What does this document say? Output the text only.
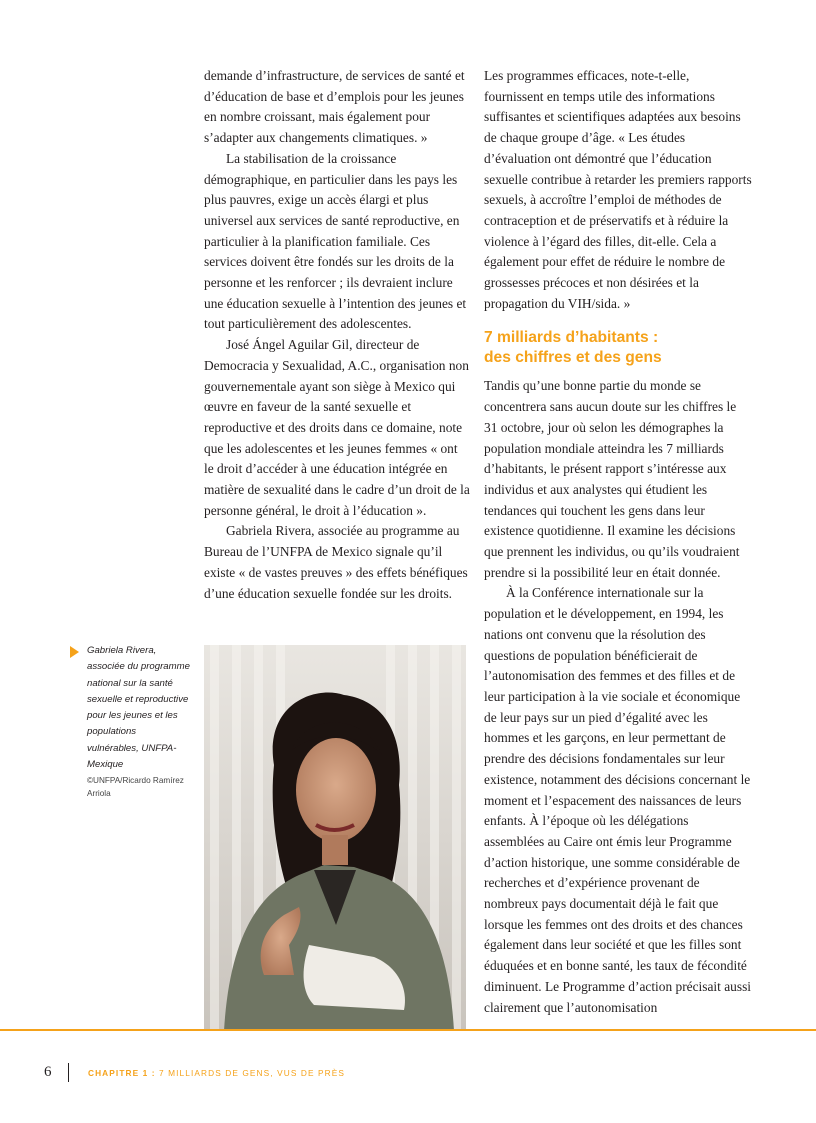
demande d’infrastructure, de services de santé et d’éducation de base et d’emplois pour les jeunes en nombre croissant, mais également pour s’adapter aux changements climatiques. »

La stabilisation de la croissance démographique, en particulier dans les pays les plus pauvres, exige un accès élargi et plus universel aux services de santé reproductive, en particulier à la planification familiale. Ces services doivent être fondés sur les droits de la personne et les renforcer ; ils devraient inclure une éducation sexuelle à l’intention des jeunes et tout particulièrement des adolescentes.

José Ángel Aguilar Gil, directeur de Democracia y Sexualidad, A.C., organisation non gouvernementale ayant son siège à Mexico qui œuvre en faveur de la santé sexuelle et reproductive et des droits dans ce domaine, note que les adolescentes et les jeunes femmes « ont le droit d’accéder à une éducation intégrée en matière de sexualité dans le cadre d’un droit de la personne général, le droit à l’éducation ».

Gabriela Rivera, associée au programme au Bureau de l’UNFPA de Mexico signale qu’il existe « de vastes preuves » des effets bénéfiques d’une éducation sexuelle fondée sur les droits.

Les programmes efficaces, note-t-elle, fournissent en temps utile des informations suffisantes et scientifiques adaptées aux besoins de chaque groupe d’âge. « Les études d’évaluation ont démontré que l’éducation sexuelle contribue à retarder les premiers rapports sexuels, à accroître l’emploi de méthodes de contraception et de préservatifs et à réduire la violence à l’égard des filles, dit-elle. Cela a également pour effet de réduire le nombre de grossesses précoces et non désirées et la propagation du VIH/sida. »

7 milliards d’habitants :
des chiffres et des gens

Tandis qu’une bonne partie du monde se concentrera sans aucun doute sur les chiffres le 31 octobre, jour où selon les démographes la population mondiale atteindra les 7 milliards d’habitants, le présent rapport s’intéresse aux individus et aux analystes qui étudient les tendances qui touchent les gens dans leur existence quotidienne. Il examine les décisions que prennent les individus, ou qu’ils voudraient prendre si la possibilité leur en était donnée.

À la Conférence internationale sur la population et le développement, en 1994, les nations ont convenu que la résolution des questions de population bénéficierait de l’autonomisation des femmes et des filles et de leur participation à la vie sociale et économique de leur pays sur un pied d’égalité avec les hommes et les garçons, en leur permettant de prendre des décisions fondamentales sur leur existence, notamment des décisions concernant le moment et l’espacement des naissances de leurs enfants. À l’époque où les délégations assemblées au Caire ont émis leur Programme d’action historique, une somme considérable de recherches et d’expérience provenant de nombreux pays documentait déjà le fait que lorsque les femmes ont des droits et des chances également dans leur société et que les filles sont éduquées et en bonne santé, les taux de fécondité diminuent. Le Programme d’action précisait aussi clairement que l’autonomisation

Gabriela Rivera, associée du programme national sur la santé sexuelle et reproductive pour les jeunes et les populations vulnérables, UNFPA-Mexique
©UNFPA/Ricardo Ramírez Arriola
6	CHAPITRE 1 : 7 MILLIARDS DE GENS, VUS DE PRÈS
